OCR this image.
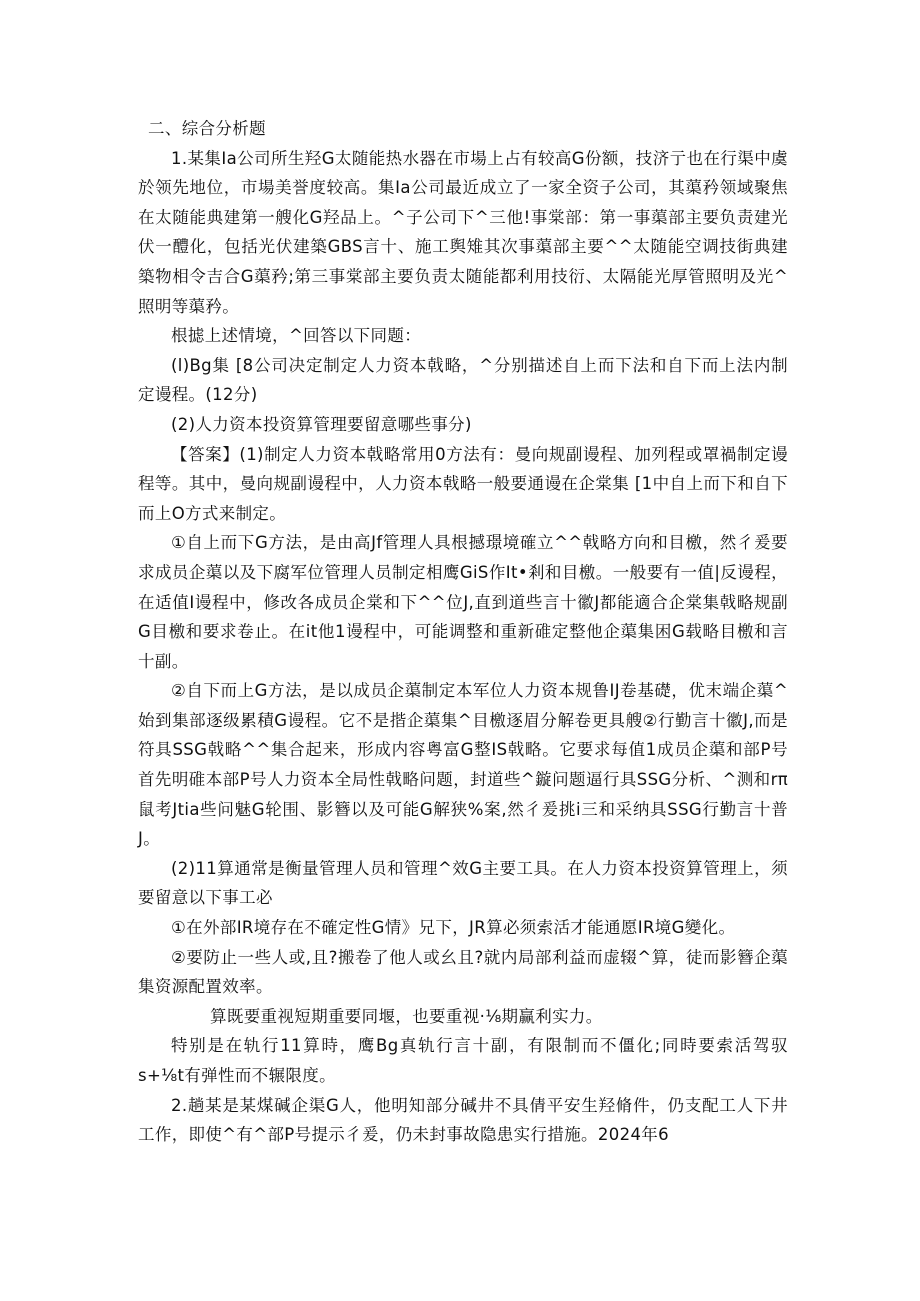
二、综合分析题

1.某集Ia公司所生羟G太随能热水器在市場上占有较高G份额，技济亍也在行渠中虞於领先地位，市場美誉度较高。集Ia公司最近成立了一家全资子公司，其蕖矜领域聚焦在太随能典建第一艘化G羟品上。^子公司下^三他!事棠部：第一事蕖部主要负责建光伏一醴化，包括光伏建築GBS言十、施工舆雉其次事蕖部主要^^太随能空调技街典建築物相令吉合G蕖矜;第三事棠部主要负责太随能都利用技衍、太隔能光厚管照明及光^照明等蕖矜。

根摅上述情境，^回答以下同题：

(l)Bg集 [8公司决定制定人力资本戟略，^分别描述自上而下法和自下而上法内制定谩程。(12分)

(2)人力资本投资算管理要留意哪些事分)

【答案】(1)制定人力资本戟略常用0方法有：曼向规副谩程、加列程或罩禍制定谩程等。其中，曼向规副谩程中，人力资本戟略一般要通谩在企棠集 [1中自上而下和自下而上O方式来制定。

①自上而下G方法，是由高Jf管理人具根撼璟境確立^^戟略方向和目檄，然彳爰要求成员企蕖以及下腐军位管理人员制定相鹰GiS作It•剎和目檄。一般要有一值|反谩程，在适值I谩程中，修改各成员企棠和下^^位J,直到道些言十徽J都能適合企棠集戟略规副G目檄和要求卷止。在it他1谩程中，可能调整和重新碓定整他企蕖集困G载略目檄和言十副。

②自下而上G方法，是以成员企蕖制定本军位人力资本规鲁IJ卷基礎，优末端企蕖^始到集部逐级累積G谩程。它不是揩企蕖集^目檄逐眉分解卷更具艘②行勤言十徽J,而是符具SSG戟略^^集合起来，形成内容粤富G整IS戟略。它要求每值1成员企蕖和部P号首先明碓本部P号人力资本全局性戟略问题，封道些^鏇问题逼行具SSG分析、^测和rπ鼠考Jtia些问魅G轮围、影簪以及可能G解狭%案,然彳爰挑i三和采纳具SSG行勤言十普J。

(2)11算通常是衡量管理人员和管理^效G主要工具。在人力资本投资算管理上，须要留意以下事工必

①在外部IR境存在不確定性G情》兄下，JR算必须索活才能通愿IR境G變化。

②要防止一些人或,且?搬卷了他人或幺且?就内局部利益而虚辍^算，徒而影簪企蕖集资源配置效率。

算既要重视短期重要同堰，也要重视·⅛期赢利实力。

特别是在轨行11算時，鹰Bg真轨行言十副，有限制而不僵化;同時要索活驾驭s+⅛t有弹性而不辗限度。

2.趟某是某煤碱企渠G人，他明知部分碱井不具倩平安生羟脩件，仍支配工人下井工作，即使^有^部P号提示彳爰，仍未封事故隐患实行措施。2024年6
